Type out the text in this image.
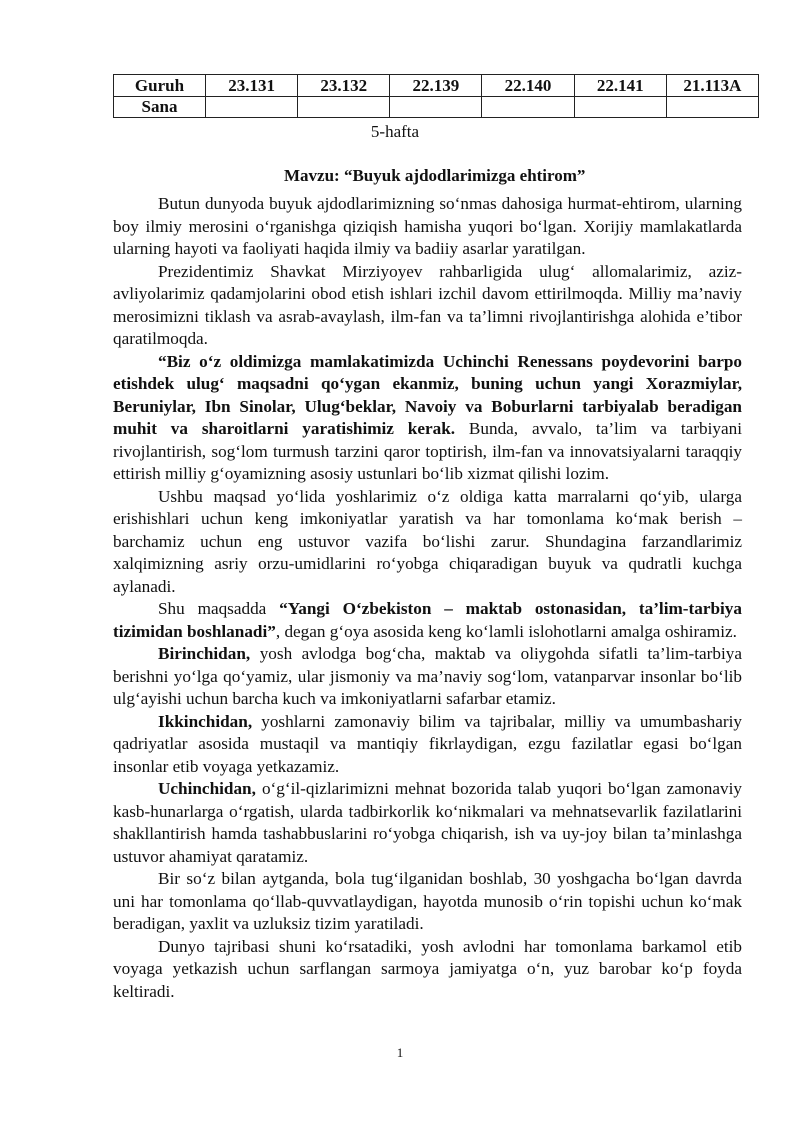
Guruh	23.131	23.132	22.139	22.140	22.141	21.113A
Sana						
5-hafta
Mavzu: “Buyuk ajdodlarimizga ehtirom”

Butun dunyoda buyuk ajdodlarimizning so‘nmas dahosiga hurmat-ehtirom, ularning boy ilmiy merosini o‘rganishga qiziqish hamisha yuqori bo‘lgan. Xorijiy mamlakatlarda ularning hayoti va faoliyati haqida ilmiy va badiiy asarlar yaratilgan.

Prezidentimiz Shavkat Mirziyoyev rahbarligida ulug‘ allomalarimiz, aziz-avliyolarimiz qadamjolarini obod etish ishlari izchil davom ettirilmoqda. Milliy ma’naviy merosimizni tiklash va asrab-avaylash, ilm-fan va ta’limni rivojlantirishga alohida e’tibor qaratilmoqda.

“Biz o‘z oldimizga mamlakatimizda Uchinchi Renessans poydevorini barpo etishdek ulug‘ maqsadni qo‘ygan ekanmiz, buning uchun yangi Xorazmiylar, Beruniylar, Ibn Sinolar, Ulug‘beklar, Navoiy va Boburlarni tarbiyalab beradigan muhit va sharoitlarni yaratishimiz kerak. Bunda, avvalo, ta’lim va tarbiyani rivojlantirish, sog‘lom turmush tarzini qaror toptirish, ilm-fan va innovatsiyalarni taraqqiy ettirish milliy g‘oyamizning asosiy ustunlari bo‘lib xizmat qilishi lozim.

Ushbu maqsad yo‘lida yoshlarimiz o‘z oldiga katta marralarni qo‘yib, ularga erishishlari uchun keng imkoniyatlar yaratish va har tomonlama ko‘mak berish – barchamiz uchun eng ustuvor vazifa bo‘lishi zarur. Shundagina farzandlarimiz xalqimizning asriy orzu-umidlarini ro‘yobga chiqaradigan buyuk va qudratli kuchga aylanadi.

Shu maqsadda “Yangi O‘zbekiston – maktab ostonasidan, ta’lim-tarbiya tizimidan boshlanadi”, degan g‘oya asosida keng ko‘lamli islohotlarni amalga oshiramiz.

Birinchidan, yosh avlodga bog‘cha, maktab va oliygohda sifatli ta’lim-tarbiya berishni yo‘lga qo‘yamiz, ular jismoniy va ma’naviy sog‘lom, vatanparvar insonlar bo‘lib ulg‘ayishi uchun barcha kuch va imkoniyatlarni safarbar etamiz.

Ikkinchidan, yoshlarni zamonaviy bilim va tajribalar, milliy va umumbashariy qadriyatlar asosida mustaqil va mantiqiy fikrlaydigan, ezgu fazilatlar egasi bo‘lgan insonlar etib voyaga yetkazamiz.

Uchinchidan, o‘g‘il-qizlarimizni mehnat bozorida talab yuqori bo‘lgan zamonaviy kasb-hunarlarga o‘rgatish, ularda tadbirkorlik ko‘nikmalari va mehnatsevarlik fazilatlarini shakllantirish hamda tashabbuslarini ro‘yobga chiqarish, ish va uy-joy bilan ta’minlashga ustuvor ahamiyat qaratamiz.

Bir so‘z bilan aytganda, bola tug‘ilganidan boshlab, 30 yoshgacha bo‘lgan davrda uni har tomonlama qo‘llab-quvvatlaydigan, hayotda munosib o‘rin topishi uchun ko‘mak beradigan, yaxlit va uzluksiz tizim yaratiladi.

Dunyo tajribasi shuni ko‘rsatadiki, yosh avlodni har tomonlama barkamol etib voyaga yetkazish uchun sarflangan sarmoya jamiyatga o‘n, yuz barobar ko‘p foyda keltiradi.

1
